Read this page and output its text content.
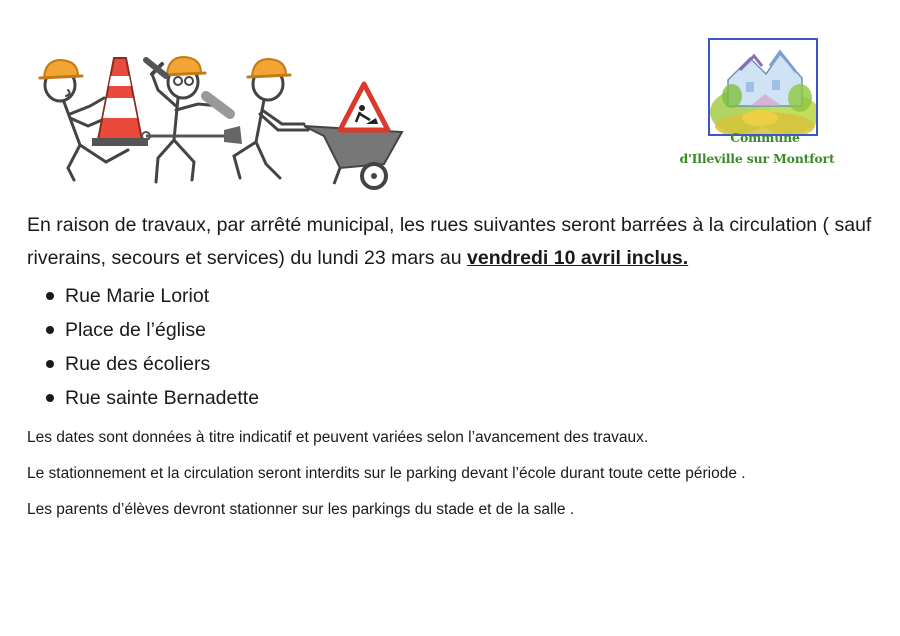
Commune
d'Illeville sur Montfort

En raison de travaux, par arrêté municipal, les rues suivantes seront barrées à la circulation ( sauf riverains, secours et services) du lundi 23 mars au vendredi 10 avril inclus.

Rue Marie Loriot
Place de l’église
Rue des écoliers
Rue sainte Bernadette

Les dates sont données à titre indicatif et peuvent variées selon l’avancement des travaux.

Le stationnement et la circulation seront interdits sur le parking devant l’école durant toute cette période .

Les parents d’élèves devront stationner sur les parkings du stade et de la salle .
